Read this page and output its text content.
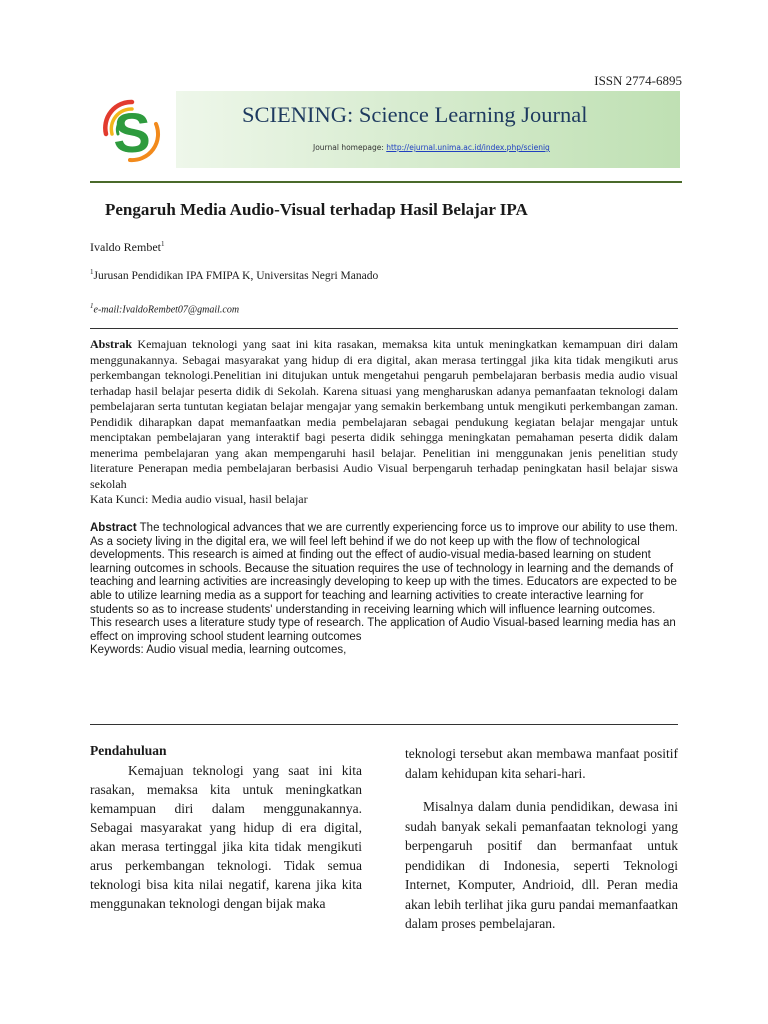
ISSN 2774-6895
S	SCIENING: Science Learning Journal
Journal homepage: http://ejurnal.unima.ac.id/index.php/scienig
Pengaruh Media Audio-Visual terhadap Hasil Belajar IPA
Ivaldo Rembet$^1$
$^1$Jurusan Pendidikan IPA FMIPA K, Universitas Negri Manado
$^1$e-mail:IvaldoRembet07@gmail.com
Abstrak Kemajuan teknologi yang saat ini kita rasakan, memaksa kita untuk meningkatkan kemampuan diri dalam menggunakannya. Sebagai masyarakat yang hidup di era digital, akan merasa tertinggal jika kita tidak mengikuti arus perkembangan teknologi.Penelitian ini ditujukan untuk mengetahui pengaruh pembelajaran berbasis media audio visual terhadap hasil belajar peserta didik di Sekolah. Karena situasi yang mengharuskan adanya pemanfaatan teknologi dalam pembelajaran serta tuntutan kegiatan belajar mengajar yang semakin berkembang untuk mengikuti perkembangan zaman. Pendidik diharapkan dapat memanfaatkan media pembelajaran sebagai pendukung kegiatan belajar mengajar untuk menciptakan pembelajaran yang interaktif bagi peserta didik sehingga meningkatan pemahaman peserta didik dalam menerima pembelajaran yang akan mempengaruhi hasil belajar. Penelitian ini menggunakan jenis penelitian study literature Penerapan media pembelajaran berbasisi Audio Visual berpengaruh terhadap peningkatan hasil belajar siswa sekolah
Kata Kunci: Media audio visual, hasil belajar
Abstract The technological advances that we are currently experiencing force us to improve our ability to use them. As a society living in the digital era, we will feel left behind if we do not keep up with the flow of technological developments. This research is aimed at finding out the effect of audio-visual media-based learning on student learning outcomes in schools. Because the situation requires the use of technology in learning and the demands of teaching and learning activities are increasingly developing to keep up with the times. Educators are expected to be able to utilize learning media as a support for teaching and learning activities to create interactive learning for students so as to increase students' understanding in receiving learning which will influence learning outcomes. This research uses a literature study type of research. The application of Audio Visual-based learning media has an effect on improving school student learning outcomes
Keywords: Audio visual media, learning outcomes,
Pendahuluan

Kemajuan teknologi yang saat ini kita rasakan, memaksa kita untuk meningkatkan kemampuan diri dalam menggunakannya. Sebagai masyarakat yang hidup di era digital, akan merasa tertinggal jika kita tidak mengikuti arus perkembangan teknologi. Tidak semua teknologi bisa kita nilai negatif, karena jika kita menggunakan teknologi dengan bijak maka

teknologi tersebut akan membawa manfaat positif dalam kehidupan kita sehari-hari.

Misalnya dalam dunia pendidikan, dewasa ini sudah banyak sekali pemanfaatan teknologi yang berpengaruh positif dan bermanfaat untuk pendidikan di Indonesia, seperti Teknologi Internet, Komputer, Andrioid, dll. Peran media akan lebih terlihat jika guru pandai memanfaatkan dalam proses pembelajaran.
